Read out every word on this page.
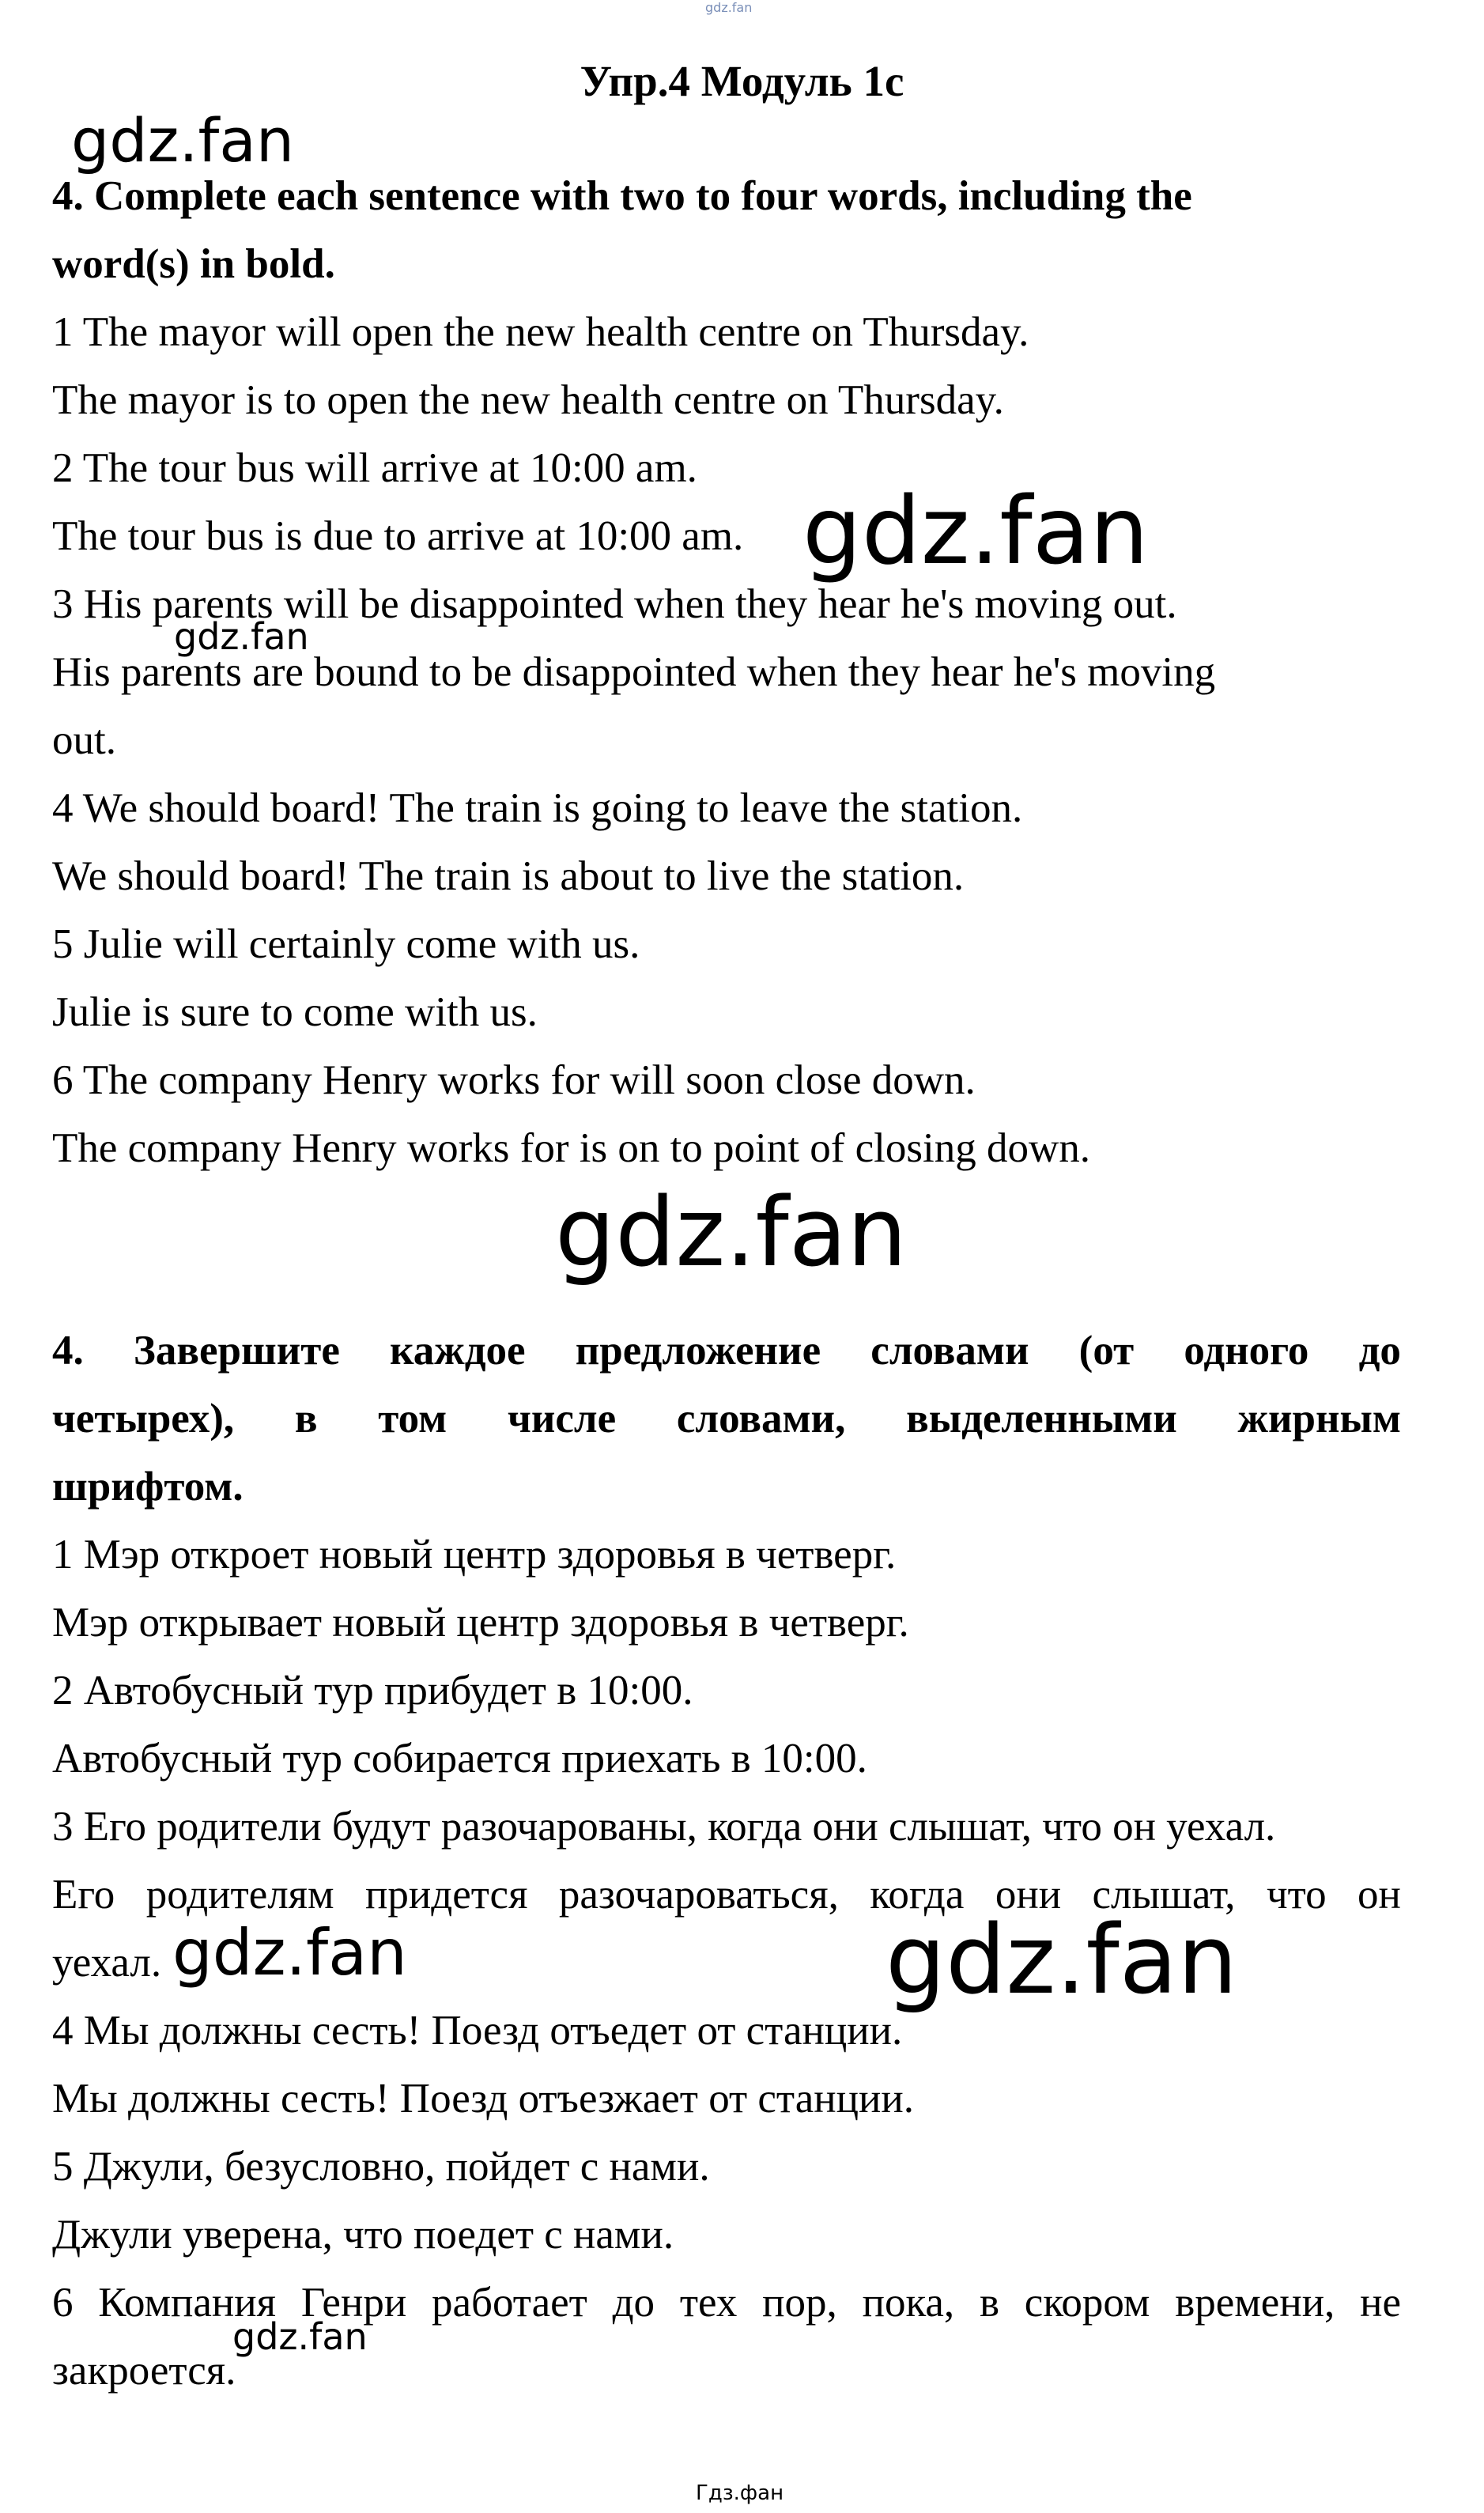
gdz.fan
Упр.4 Модуль 1с

4. Complete each sentence with two to four words, including the

word(s) in bold.

1 The mayor will open the new health centre on Thursday.

The mayor is to open the new health centre on Thursday.

2 The tour bus will arrive at 10:00 am.

The tour bus is due to arrive at 10:00 am.

3 His parents will be disappointed when they hear he's moving out.

His parents are bound to be disappointed when they hear he's moving

out.

4 We should board! The train is going to leave the station.

We should board! The train is about to live the station.

5 Julie will certainly come with us.

Julie is sure to come with us.

6 The company Henry works for will soon close down.

The company Henry works for is on to point of closing down.

4. Завершите каждое предложение словами (от одного до
четырех), в том числе словами, выделенными жирным

шрифтом.

1 Мэр откроет новый центр здоровья в четверг.

Мэр открывает новый центр здоровья в четверг.

2 Автобусный тур прибудет в 10:00.

Автобусный тур собирается приехать в 10:00.

3 Его родители будут разочарованы, когда они слышат, что он уехал.

Его родителям придется разочароваться, когда они слышат, что он

уехал.

4 Мы должны сесть! Поезд отъедет от станции.

Мы должны сесть! Поезд отъезжает от станции.

5 Джули, безусловно, пойдет с нами.

Джули уверена, что поедет с нами.

6 Компания Генри работает до тех пор, пока, в скором времени, не

закроется.

gdz.fan
gdz.fan
gdz.fan
gdz.fan
gdz.fan	gdz.fan
gdz.fan
Гдз.фан
